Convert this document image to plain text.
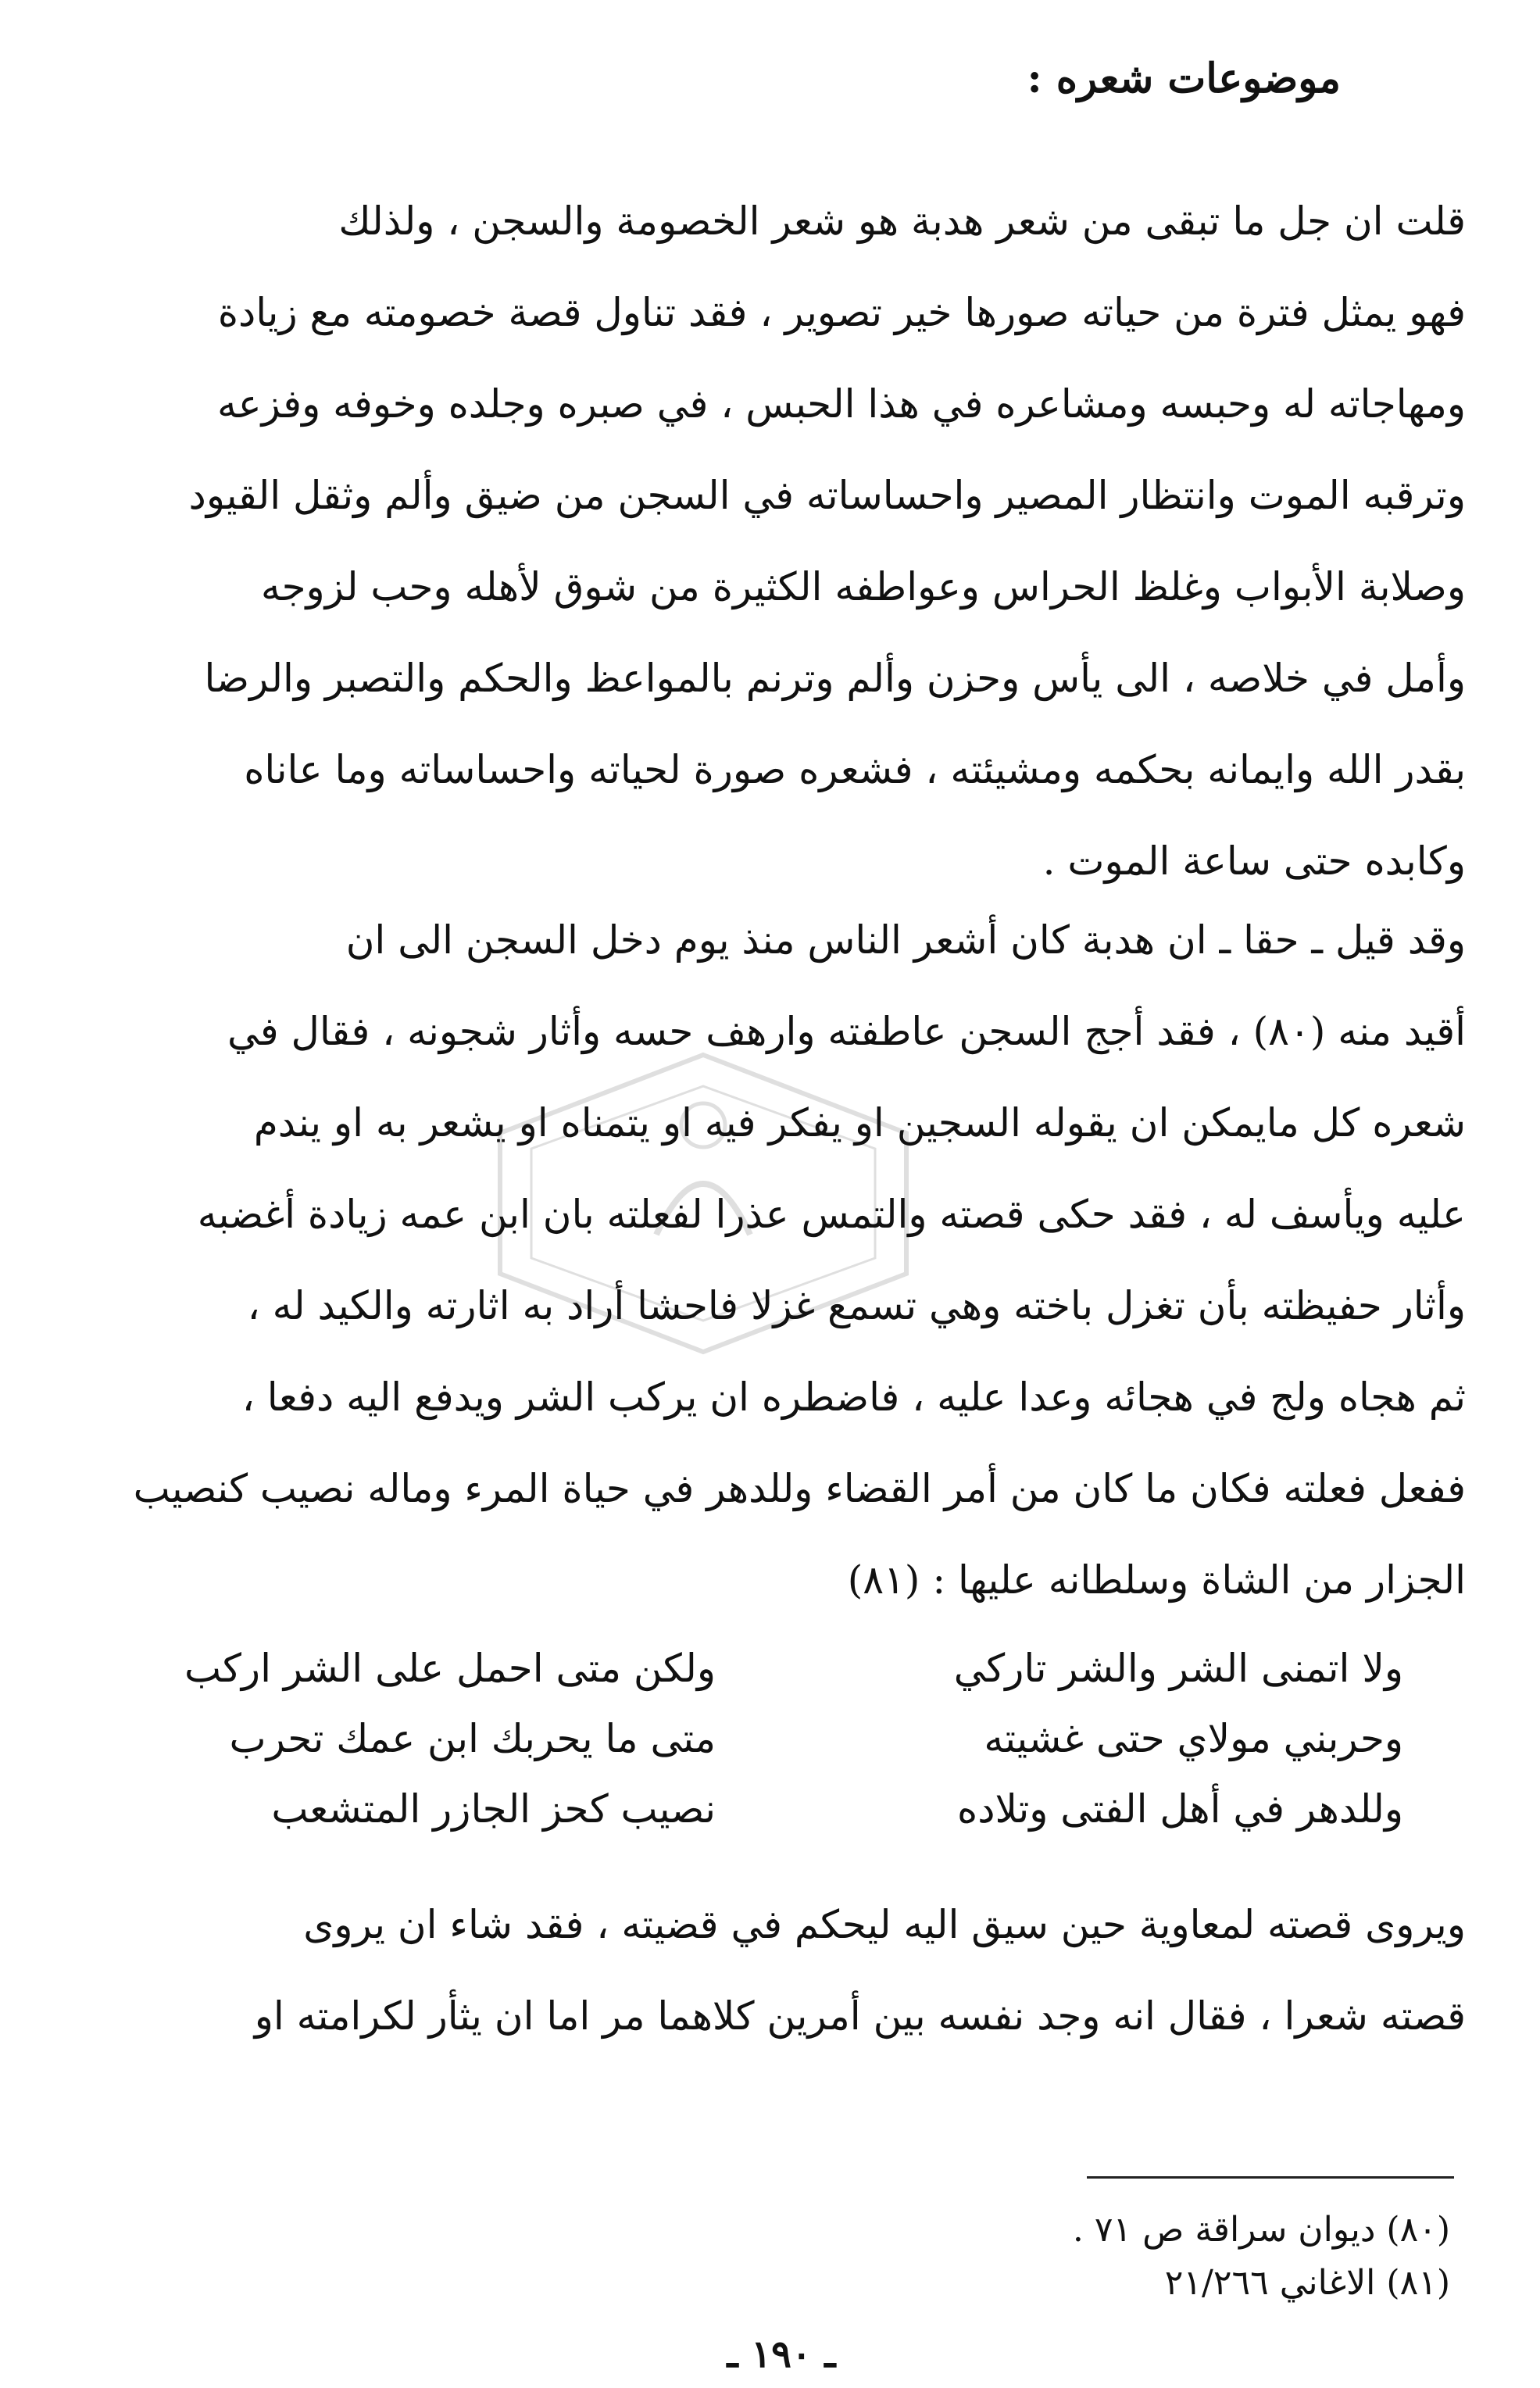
موضوعات شعره :
قلت ان جل ما تبقى من شعر هدبة هو شعر الخصومة والسجن ، ولذلك
فهو يمثل فترة من حياته صورها خير تصوير ، فقد تناول قصة خصومته مع زيادة
ومهاجاته له وحبسه ومشاعره في هذا الحبس ، في صبره وجلده وخوفه وفزعه
وترقبه الموت وانتظار المصير واحساساته في السجن من ضيق وألم وثقل القيود
وصلابة الأبواب وغلظ الحراس وعواطفه الكثيرة من شوق لأهله وحب لزوجه
وأمل في خلاصه ، الى يأس وحزن وألم وترنم بالمواعظ والحكم والتصبر والرضا
بقدر الله وايمانه بحكمه ومشيئته ، فشعره صورة لحياته واحساساته وما عاناه
وكابده حتى ساعة الموت .
وقد قيل ـ حقا ـ ان هدبة كان أشعر الناس منذ يوم دخل السجن الى ان
أقيد منه (٨٠) ، فقد أجج السجن عاطفته وارهف حسه وأثار شجونه ، فقال في
شعره كل مايمكن ان يقوله السجين او يفكر فيه او يتمناه او يشعر به او يندم
عليه ويأسف له ، فقد حكى قصته والتمس عذرا لفعلته بان ابن عمه زيادة أغضبه
وأثار حفيظته بأن تغزل باخته وهي تسمع غزلا فاحشا أراد به اثارته والكيد له ،
ثم هجاه ولج في هجائه وعدا عليه ، فاضطره ان يركب الشر ويدفع اليه دفعا ،
ففعل فعلته فكان ما كان من أمر القضاء وللدهر في حياة المرء وماله نصيب كنصيب
الجزار من الشاة وسلطانه عليها : (٨١)
ولا اتمنى الشر والشر تاركي
ولكن متى احمل على الشر اركب
وحربني مولاي حتى غشيته
متى ما يحربك ابن عمك تحرب
وللدهر في أهل الفتى وتلاده
نصيب كحز الجازر المتشعب
ويروى قصته لمعاوية حين سيق اليه ليحكم في قضيته ، فقد شاء ان يروى
قصته شعرا ، فقال انه وجد نفسه بين أمرين كلاهما مر اما ان يثأر لكرامته او
(٨٠) ديوان سراقة ص ٧١ .
(٨١) الاغاني ٢١/٢٦٦
ـ ١٩٠ ـ
